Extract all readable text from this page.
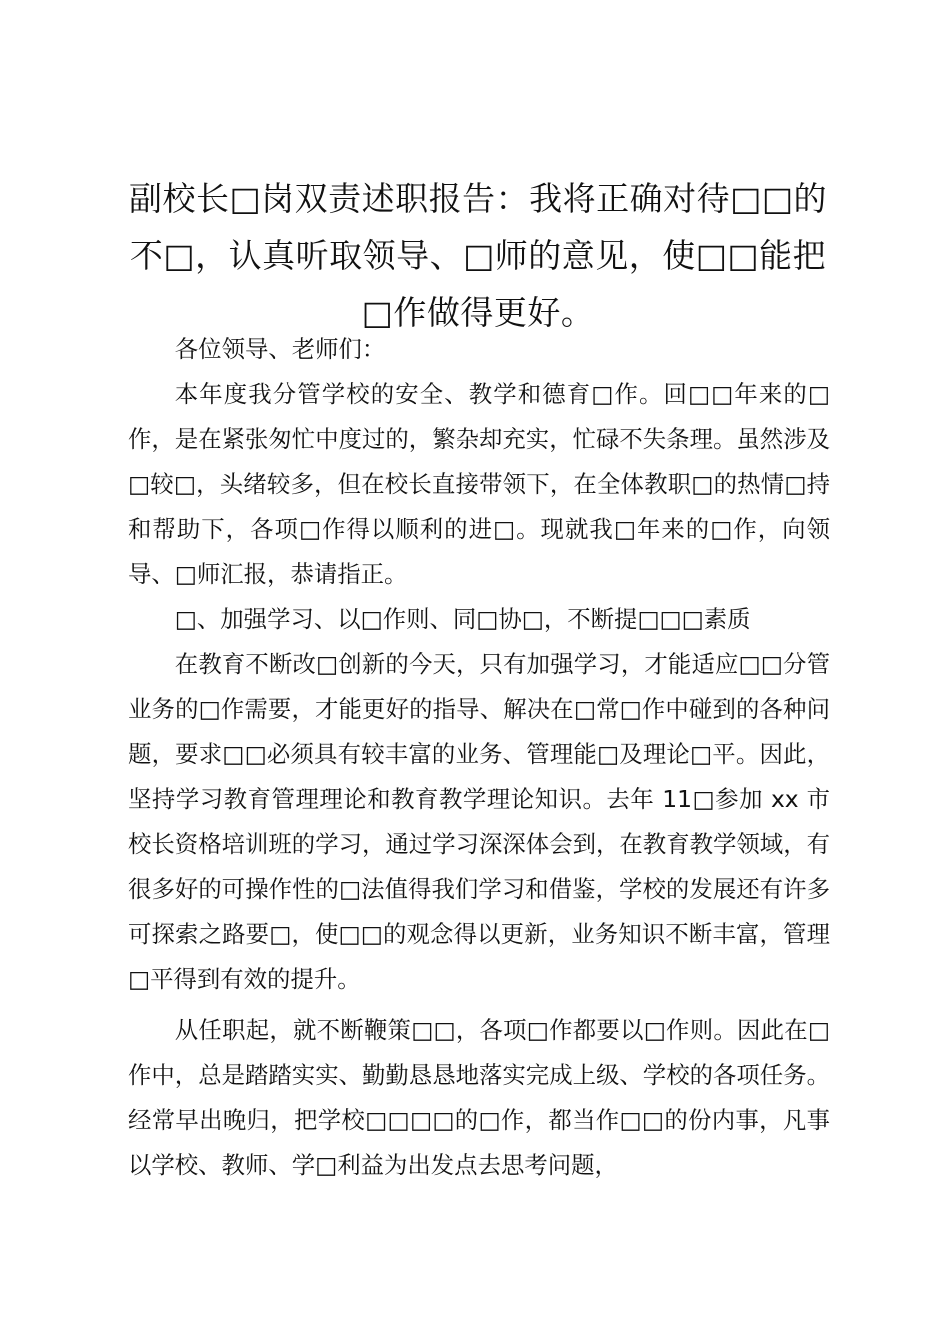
副校长□岗双责述职报告：我将正确对待□□的不□，认真听取领导、□师的意见，使□□能把□作做得更好。

各位领导、老师们：

本年度我分管学校的安全、教学和德育□作。回□□年来的□作，是在紧张匆忙中度过的，繁杂却充实，忙碌不失条理。虽然涉及□较□，头绪较多，但在校长直接带领下，在全体教职□的热情□持和帮助下，各项□作得以顺利的进□。现就我□年来的□作，向领导、□师汇报，恭请指正。

□、加强学习、以□作则、同□协□，不断提□□□素质

在教育不断改□创新的今天，只有加强学习，才能适应□□分管业务的□作需要，才能更好的指导、解决在□常□作中碰到的各种问题，要求□□必须具有较丰富的业务、管理能□及理论□平。因此，坚持学习教育管理理论和教育教学理论知识。去年 11□参加 xx 市校长资格培训班的学习，通过学习深深体会到，在教育教学领域，有很多好的可操作性的□法值得我们学习和借鉴，学校的发展还有许多可探索之路要□，使□□的观念得以更新，业务知识不断丰富，管理□平得到有效的提升。

从任职起，就不断鞭策□□，各项□作都要以□作则。因此在□作中，总是踏踏实实、勤勤恳恳地落实完成上级、学校的各项任务。经常早出晚归，把学校□□□□的□作，都当作□□的份内事，凡事以学校、教师、学□利益为出发点去思考问题，
